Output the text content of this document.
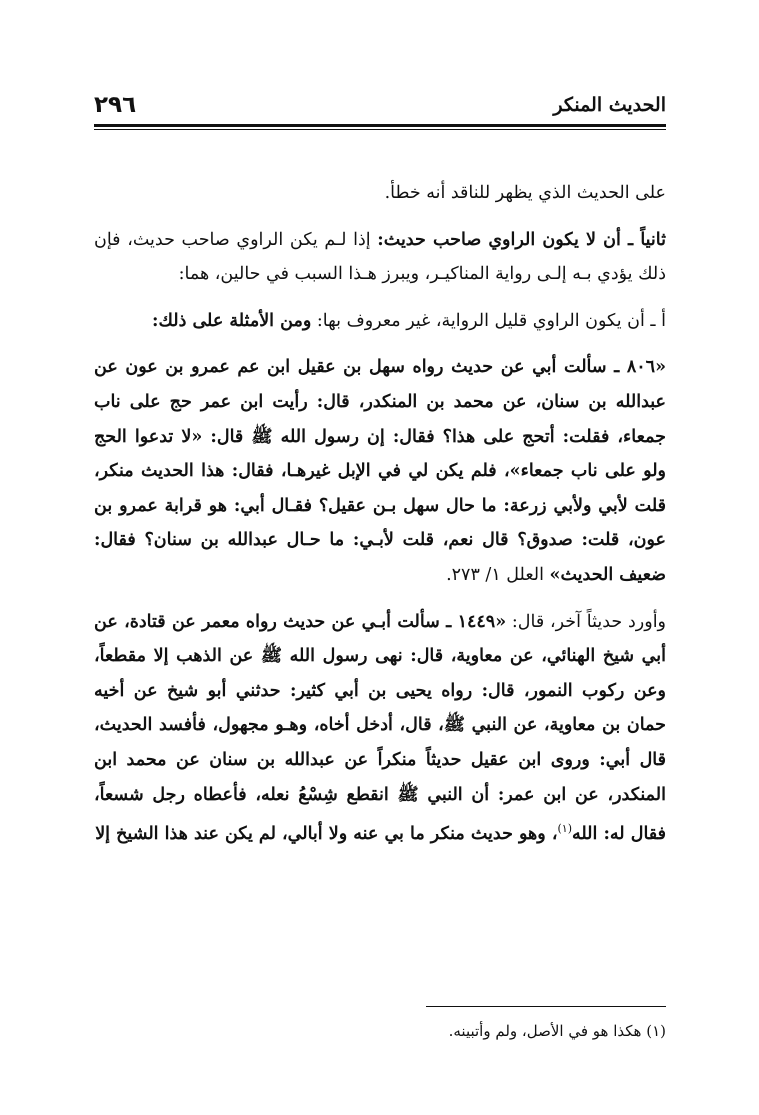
٢٩٦	الحديث المنكر

على الحديث الذي يظهر للناقد أنه خطأ.

ثانياً ـ أن لا يكون الراوي صاحب حديث: إذا لـم يكن الراوي صاحب حديث، فإن ذلك يؤدي بـه إلـى رواية المناكيـر، ويبرز هـذا السبب في حالين، هما:

أ ـ أن يكون الراوي قليل الرواية، غير معروف بها: ومن الأمثلة على ذلك:

«٨٠٦ ـ سألت أبي عن حديث رواه سهل بن عقيل ابن عم عمرو بن عون عن عبدالله بن سنان، عن محمد بن المنكدر، قال: رأيت ابن عمر حج على ناب جمعاء، فقلت: أتحج على هذا؟ فقال: إن رسول الله ﷺ قال: «لا تدعوا الحج ولو على ناب جمعاء»، فلم يكن لي في الإبل غيرهـا، فقال: هذا الحديث منكر، قلت لأبي ولأبي زرعة: ما حال سهل بـن عقيل؟ فقـال أبي: هو قرابة عمرو بن عون، قلت: صدوق؟ قال نعم، قلت لأبـي: ما حـال عبدالله بن سنان؟ فقال: ضعيف الحديث» العلل ١/ ٢٧٣.

وأورد حديثاً آخر، قال: «١٤٤٩ ـ سألت أبـي عن حديث رواه معمر عن قتادة، عن أبي شيخ الهنائي، عن معاوية، قال: نهى رسول الله ﷺ عن الذهب إلا مقطعاً، وعن ركوب النمور، قال: رواه يحيى بن أبي كثير: حدثني أبو شيخ عن أخيه حمان بن معاوية، عن النبي ﷺ، قال، أدخل أخاه، وهـو مجهول، فأفسد الحديث، قال أبي: وروى ابن عقيل حديثاً منكراً عن عبدالله بن سنان عن محمد ابن المنكدر، عن ابن عمر: أن النبي ﷺ انقطع شِسْعُ نعله، فأعطاه رجل شسعاً، فقال له: الله$^{(١)}$، وهو حديث منكر ما بي عنه ولا أبالي، لم يكن عند هذا الشيخ إلا

(١) هكذا هو في الأصل، ولم وأتبينه.
